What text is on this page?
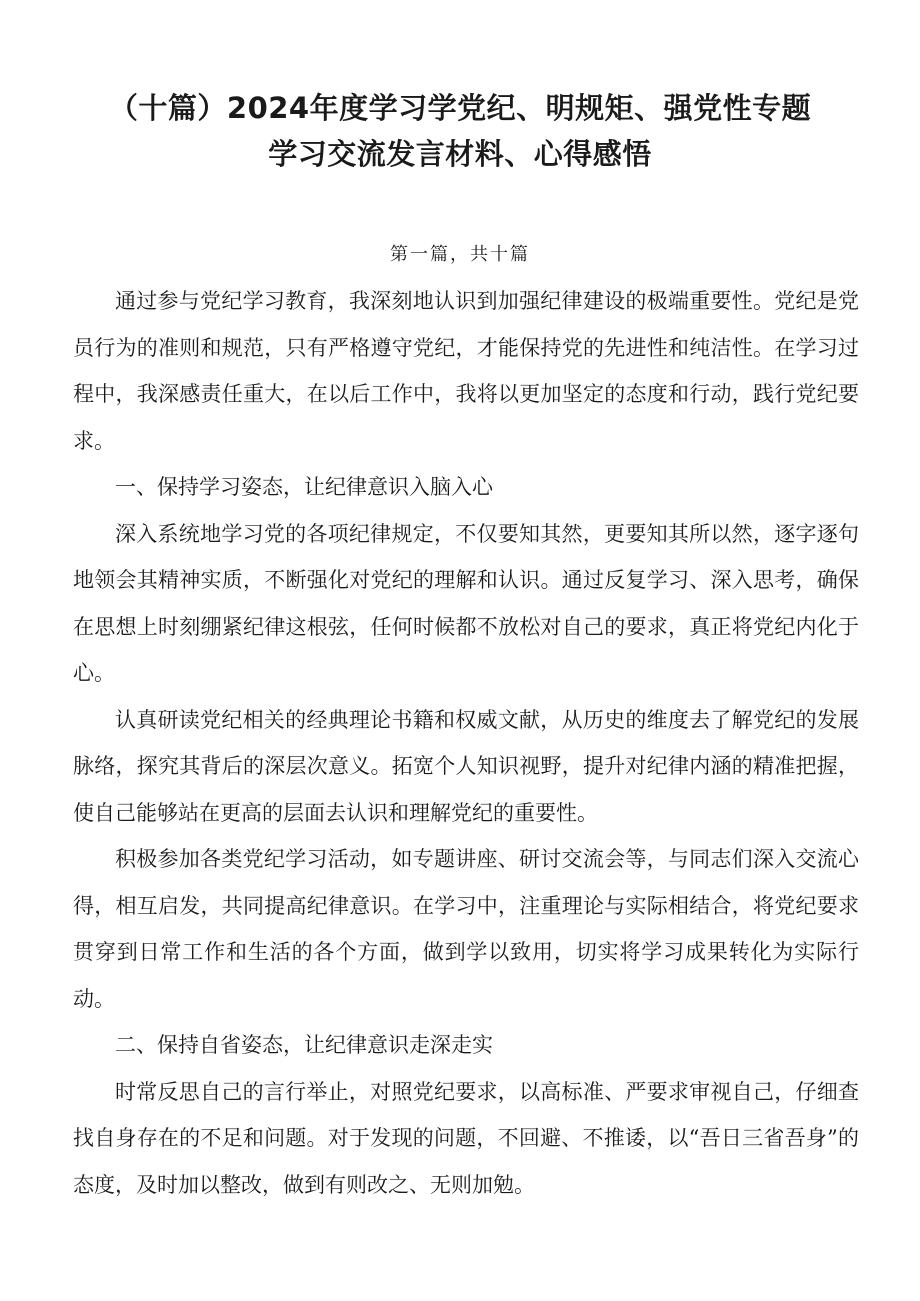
（十篇）2024年度学习学党纪、明规矩、强党性专题
学习交流发言材料、心得感悟
第一篇，共十篇

通过参与党纪学习教育，我深刻地认识到加强纪律建设的极端重要性。党纪是党员行为的准则和规范，只有严格遵守党纪，才能保持党的先进性和纯洁性。在学习过程中，我深感责任重大，在以后工作中，我将以更加坚定的态度和行动，践行党纪要求。

一、保持学习姿态，让纪律意识入脑入心

深入系统地学习党的各项纪律规定，不仅要知其然，更要知其所以然，逐字逐句地领会其精神实质，不断强化对党纪的理解和认识。通过反复学习、深入思考，确保在思想上时刻绷紧纪律这根弦，任何时候都不放松对自己的要求，真正将党纪内化于心。

认真研读党纪相关的经典理论书籍和权威文献，从历史的维度去了解党纪的发展脉络，探究其背后的深层次意义。拓宽个人知识视野，提升对纪律内涵的精准把握，使自己能够站在更高的层面去认识和理解党纪的重要性。

积极参加各类党纪学习活动，如专题讲座、研讨交流会等，与同志们深入交流心得，相互启发，共同提高纪律意识。在学习中，注重理论与实际相结合，将党纪要求贯穿到日常工作和生活的各个方面，做到学以致用，切实将学习成果转化为实际行动。

二、保持自省姿态，让纪律意识走深走实

时常反思自己的言行举止，对照党纪要求，以高标准、严要求审视自己，仔细查找自身存在的不足和问题。对于发现的问题，不回避、不推诿，以“吾日三省吾身”的态度，及时加以整改，做到有则改之、无则加勉。
